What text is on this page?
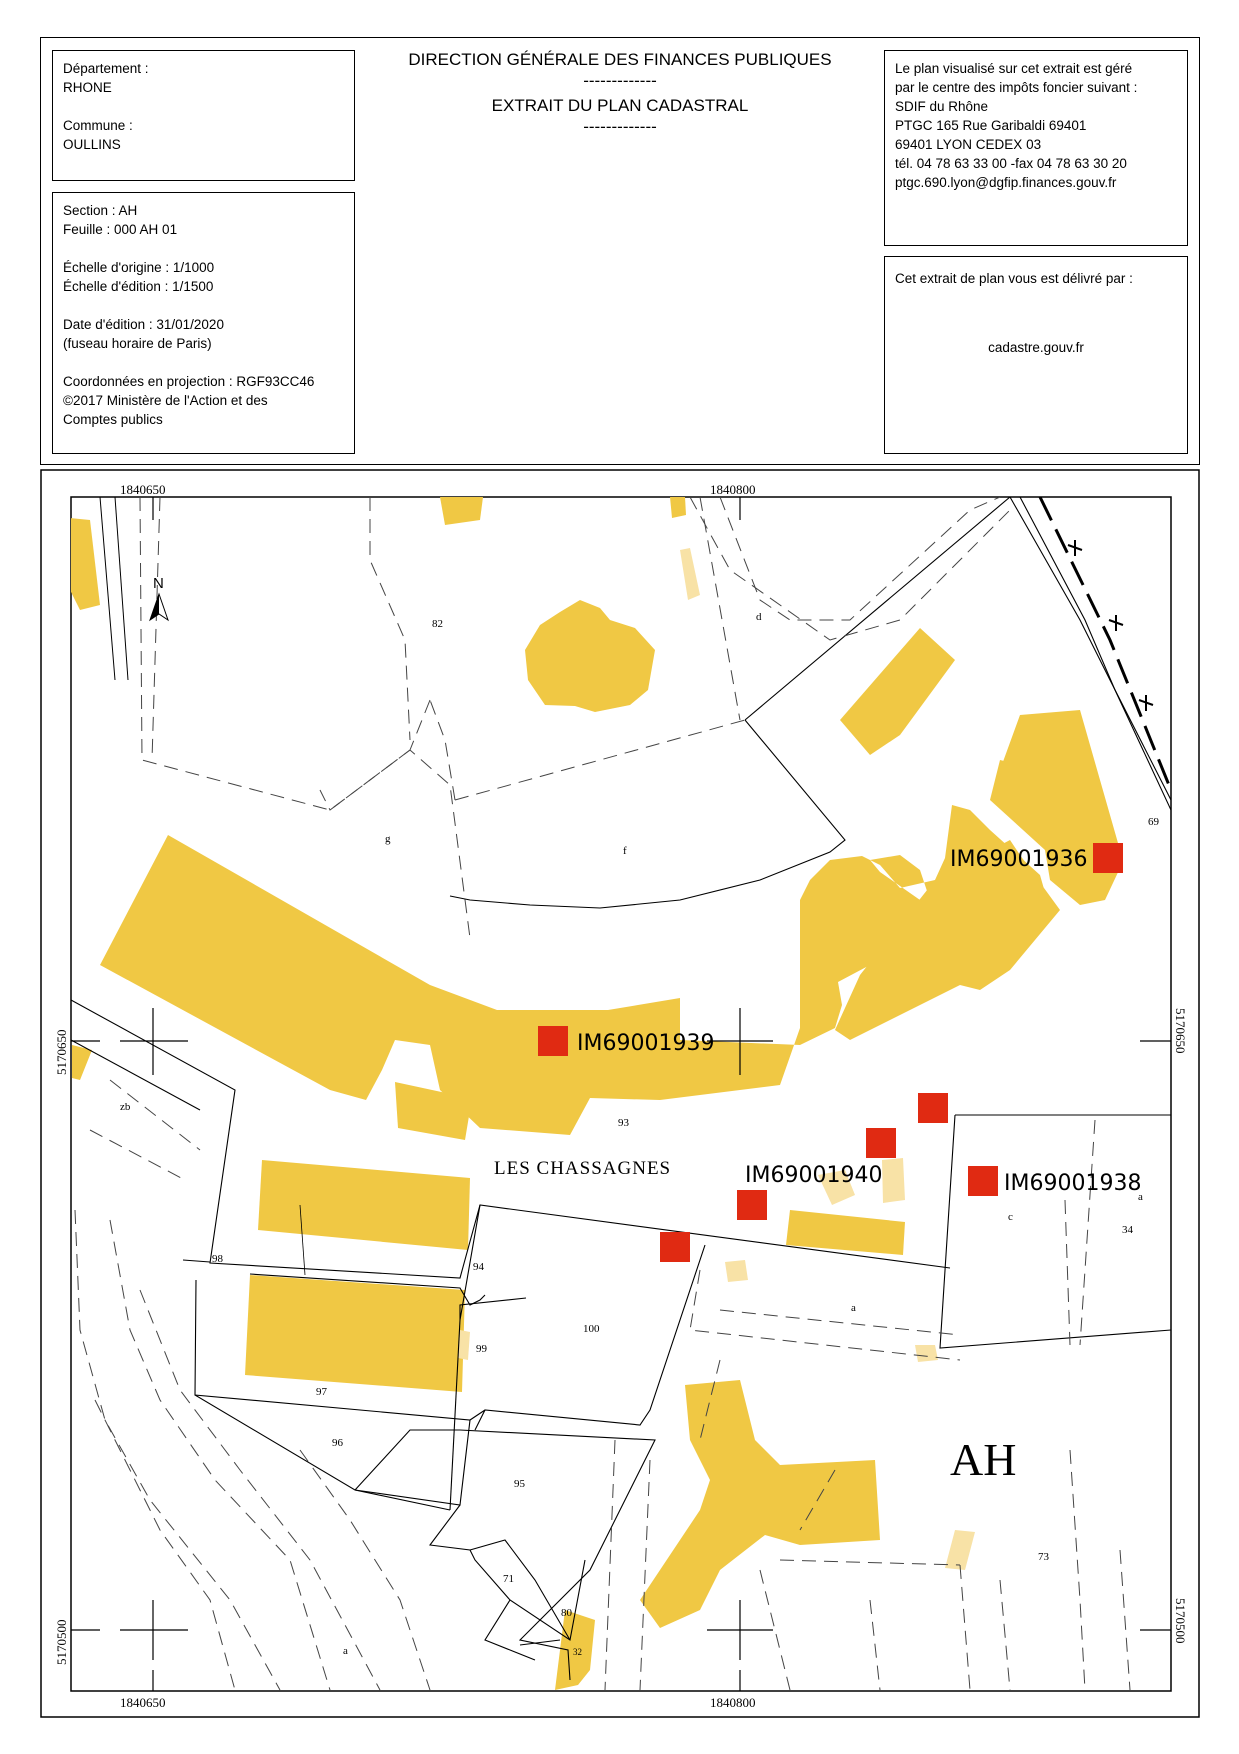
Département :
RHONE
Commune :
OULLINS
Section : AH
Feuille : 000 AH 01
Échelle d'origine : 1/1000
Échelle d'édition : 1/1500
Date d'édition : 31/01/2020
(fuseau horaire de Paris)
Coordonnées en projection : RGF93CC46
©2017 Ministère de l'Action et des
Comptes publics
DIRECTION GÉNÉRALE DES FINANCES PUBLIQUES
-------------
EXTRAIT DU PLAN CADASTRAL
-------------
Le plan visualisé sur cet extrait est géré
par le centre des impôts foncier suivant :
SDIF du Rhône
PTGC 165 Rue Garibaldi 69401
69401 LYON CEDEX 03
tél. 04 78 63 33 00 -fax 04 78 63 30 20
ptgc.690.lyon@dgfip.finances.gouv.fr
Cet extrait de plan vous est délivré par :
cadastre.gouv.fr
N
1840650	1840800
1840650	1840800
5170650	5170650
5170500	5170500
82
d
g
f
69
zb
93
c
a
34
98
94
a
100
99
97
96
95
73
71
80
32
a
LES CHASSAGNES
AH
IM69001936
IM69001939
IM69001940	IM69001938
